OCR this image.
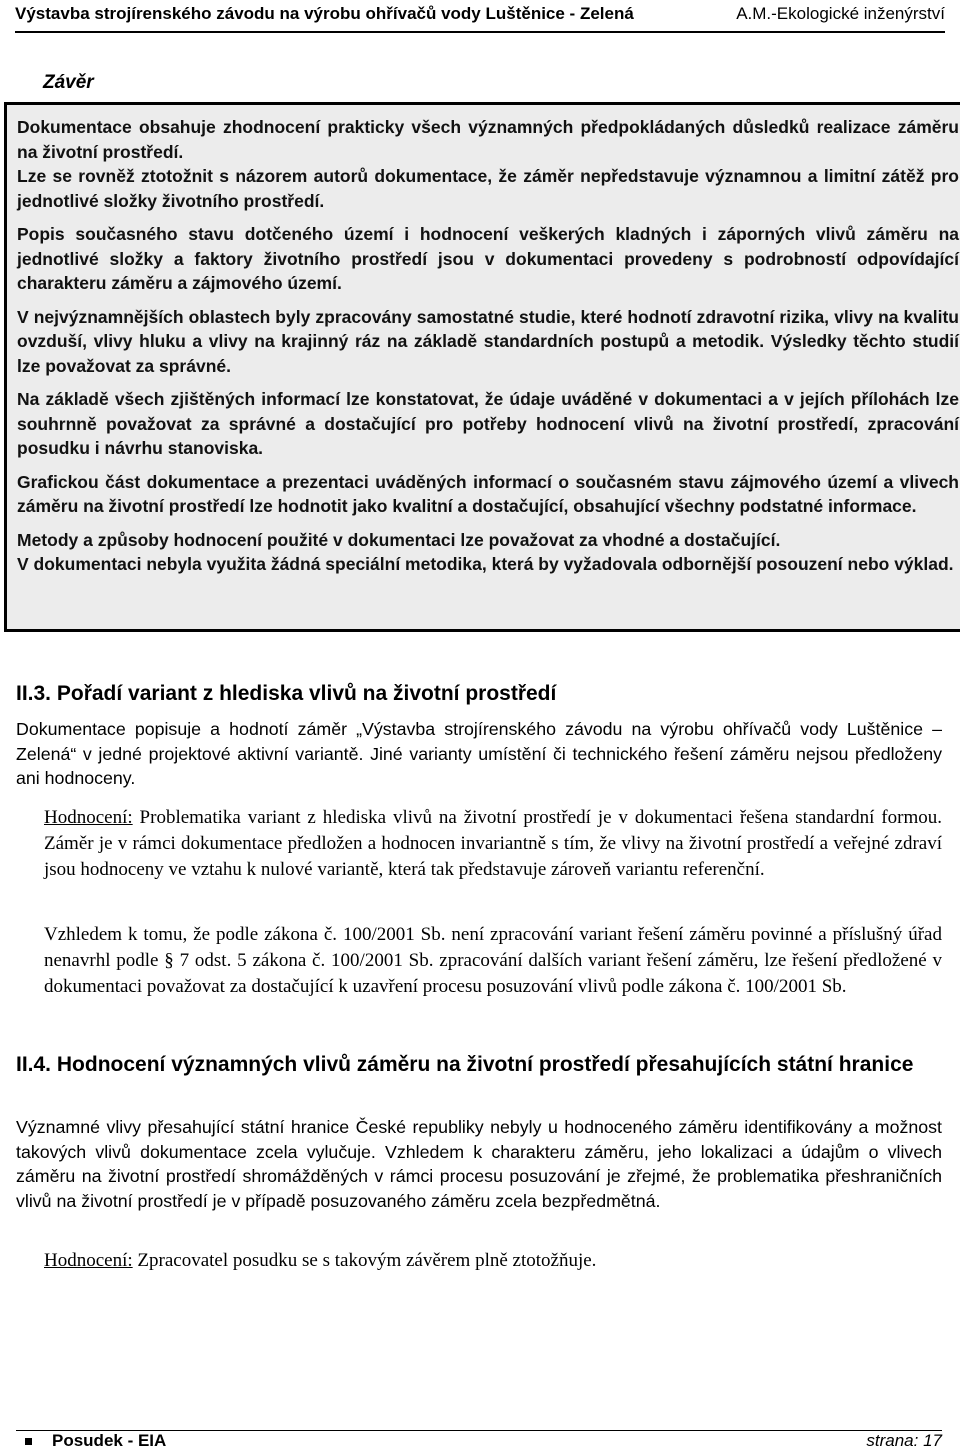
Výstavba strojírenského závodu na výrobu ohřívačů vody Luštěnice - Zelená	A.M.-Ekologické inženýrství
Závěr

Dokumentace obsahuje zhodnocení prakticky všech významných předpokládaných důsledků realizace záměru na životní prostředí.

Lze se rovněž ztotožnit s názorem autorů dokumentace, že záměr nepředstavuje významnou a limitní zátěž pro jednotlivé složky životního prostředí.

Popis současného stavu dotčeného území i hodnocení veškerých kladných i záporných vlivů záměru na jednotlivé složky a faktory životního prostředí jsou v dokumentaci provedeny s podrobností odpovídající charakteru záměru a zájmového území.

V nejvýznamnějších oblastech byly zpracovány samostatné studie, které hodnotí zdravotní rizika, vlivy na kvalitu ovzduší, vlivy hluku a vlivy na krajinný ráz na základě standardních postupů a metodik. Výsledky těchto studií lze považovat za správné.

Na základě všech zjištěných informací lze konstatovat, že údaje uváděné v dokumentaci a v jejích přílohách lze souhrnně považovat za správné a dostačující pro potřeby hodnocení vlivů na životní prostředí, zpracování posudku i návrhu stanoviska.

Grafickou část dokumentace a prezentaci uváděných informací o současném stavu zájmového území a vlivech záměru na životní prostředí lze hodnotit jako kvalitní a dostačující, obsahující všechny podstatné informace.

Metody a způsoby hodnocení použité v dokumentaci lze považovat za vhodné a dostačující.

V dokumentaci nebyla využita žádná speciální metodika, která by vyžadovala odbornější posouzení nebo výklad.

II.3. Pořadí variant z hlediska vlivů na životní prostředí

Dokumentace popisuje a hodnotí záměr „Výstavba strojírenského závodu na výrobu ohřívačů vody Luštěnice – Zelená“ v jedné projektové aktivní variantě. Jiné varianty umístění či technického řešení záměru nejsou předloženy ani hodnoceny.

Hodnocení: Problematika variant z hlediska vlivů na životní prostředí je v dokumentaci řešena standardní formou. Záměr je v rámci dokumentace předložen a hodnocen invariantně s tím, že vlivy na životní prostředí a veřejné zdraví jsou hodnoceny ve vztahu k nulové variantě, která tak představuje zároveň variantu referenční.

Vzhledem k tomu, že podle zákona č. 100/2001 Sb. není zpracování variant řešení záměru povinné a příslušný úřad nenavrhl podle § 7 odst. 5 zákona č. 100/2001 Sb. zpracování dalších variant řešení záměru, lze řešení předložené v dokumentaci považovat za dostačující k uzavření procesu posuzování vlivů podle zákona č. 100/2001 Sb.

II.4. Hodnocení významných vlivů záměru na životní prostředí přesahujících státní hranice

Významné vlivy přesahující státní hranice České republiky nebyly u hodnoceného záměru identifikovány a možnost takových vlivů dokumentace zcela vylučuje. Vzhledem k charakteru záměru, jeho lokalizaci a údajům o vlivech záměru na životní prostředí shromážděných v rámci procesu posuzování je zřejmé, že problematika přeshraničních vlivů na životní prostředí je v případě posuzovaného záměru zcela bezpředmětná.

Hodnocení: Zpracovatel posudku se s takovým závěrem plně ztotožňuje.

Posudek - EIA	strana: 17
